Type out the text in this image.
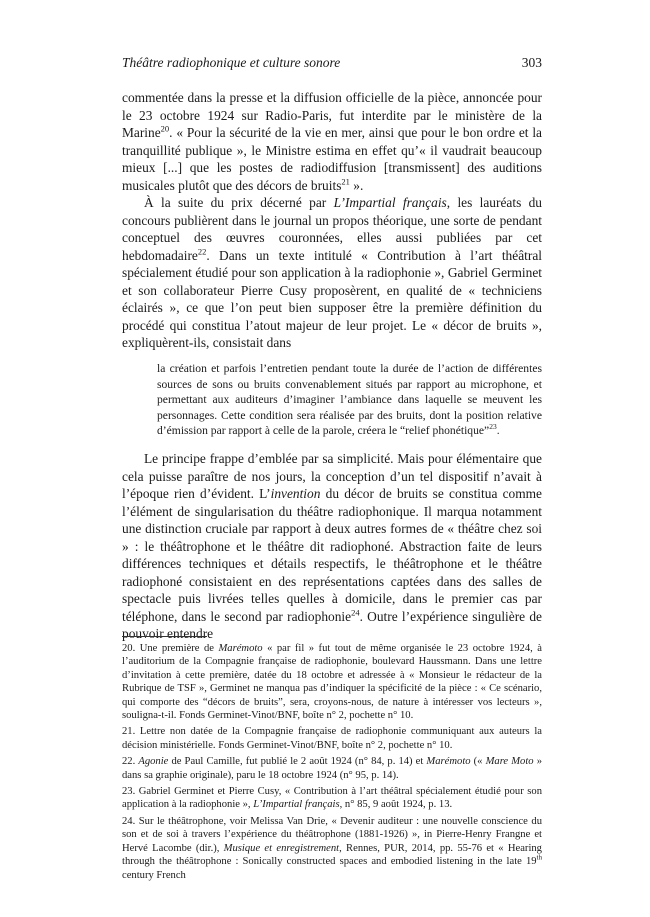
Théâtre radiophonique et culture sonore	303

commentée dans la presse et la diffusion officielle de la pièce, annoncée pour le 23 octobre 1924 sur Radio-Paris, fut interdite par le ministère de la Marine$^{20}$. « Pour la sécurité de la vie en mer, ainsi que pour le bon ordre et la tranquillité publique », le Ministre estima en effet qu’« il vaudrait beaucoup mieux [...] que les postes de radiodiffusion [transmissent] des auditions musicales plutôt que des décors de bruits$^{21}$ ».

À la suite du prix décerné par L’Impartial français, les lauréats du concours publièrent dans le journal un propos théorique, une sorte de pendant conceptuel des œuvres couronnées, elles aussi publiées par cet hebdomadaire$^{22}$. Dans un texte intitulé « Contribution à l’art théâtral spécialement étudié pour son application à la radiophonie », Gabriel Germinet et son collaborateur Pierre Cusy proposèrent, en qualité de « techniciens éclairés », ce que l’on peut bien supposer être la première définition du procédé qui constitua l’atout majeur de leur projet. Le « décor de bruits », expliquèrent-ils, consistait dans

la création et parfois l’entretien pendant toute la durée de l’action de différentes sources de sons ou bruits convenablement situés par rapport au microphone, et permettant aux auditeurs d’imaginer l’ambiance dans laquelle se meuvent les personnages. Cette condition sera réalisée par des bruits, dont la position relative d’émission par rapport à celle de la parole, créera le “relief phonétique”$^{23}$.

Le principe frappe d’emblée par sa simplicité. Mais pour élémentaire que cela puisse paraître de nos jours, la conception d’un tel dispositif n’avait à l’époque rien d’évident. L’invention du décor de bruits se constitua comme l’élément de singularisation du théâtre radiophonique. Il marqua notamment une distinction cruciale par rapport à deux autres formes de « théâtre chez soi » : le théâtrophone et le théâtre dit radiophoné. Abstraction faite de leurs différences techniques et détails respectifs, le théâtrophone et le théâtre radiophoné consistaient en des représentations captées dans des salles de spectacle puis livrées telles quelles à domicile, dans le premier cas par téléphone, dans le second par radiophonie$^{24}$. Outre l’expérience singulière de pouvoir entendre

20. Une première de Marémoto « par fil » fut tout de même organisée le 23 octobre 1924, à l’auditorium de la Compagnie française de radiophonie, boulevard Haussmann. Dans une lettre d’invitation à cette première, datée du 18 octobre et adressée à « Monsieur le rédacteur de la Rubrique de TSF », Germinet ne manqua pas d’indiquer la spécificité de la pièce : « Ce scénario, qui comporte des “décors de bruits”, sera, croyons-nous, de nature à intéresser vos lecteurs », souligna-t-il. Fonds Germinet-Vinot/BNF, boîte n° 2, pochette n° 10.

21. Lettre non datée de la Compagnie française de radiophonie communiquant aux auteurs la décision ministérielle. Fonds Germinet-Vinot/BNF, boîte n° 2, pochette n° 10.

22. Agonie de Paul Camille, fut publié le 2 août 1924 (n° 84, p. 14) et Marémoto (« Mare Moto » dans sa graphie originale), paru le 18 octobre 1924 (n° 95, p. 14).

23. Gabriel Germinet et Pierre Cusy, « Contribution à l’art théâtral spécialement étudié pour son application à la radiophonie », L’Impartial français, n° 85, 9 août 1924, p. 13.

24. Sur le théâtrophone, voir Melissa Van Drie, « Devenir auditeur : une nouvelle conscience du son et de soi à travers l’expérience du théâtrophone (1881-1926) », in Pierre-Henry Frangne et Hervé Lacombe (dir.), Musique et enregistrement, Rennes, PUR, 2014, pp. 55-76 et « Hearing through the théâtrophone : Sonically constructed spaces and embodied listening in the late 19th century French
